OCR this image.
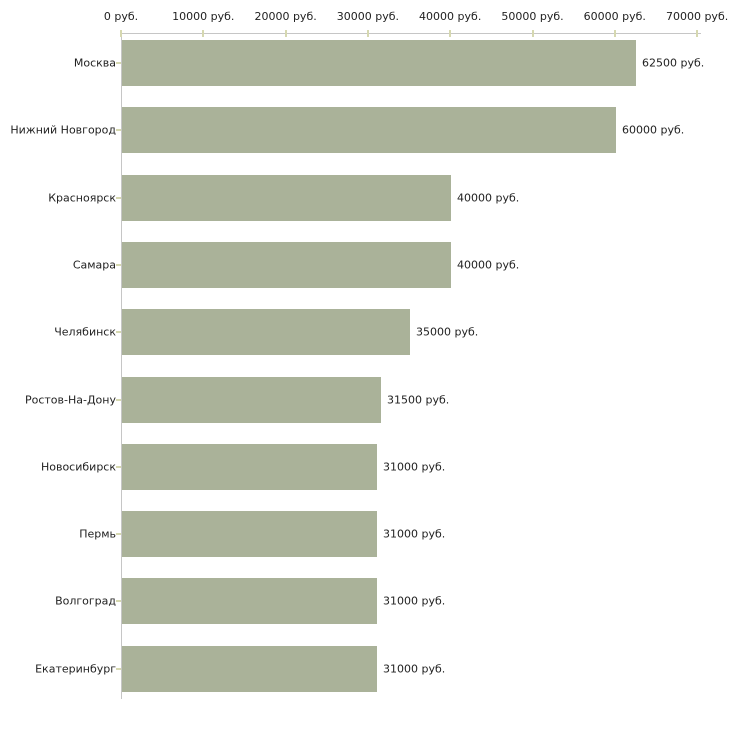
0 руб.	10000 руб. 20000 руб. 30000 руб. 40000 руб. 50000 руб. 60000 руб. 70000 руб.
Москва	62500 руб.
Нижний Новгород	60000 руб.
Красноярск	40000 руб.
Самара	40000 руб.
Челябинск	35000 руб.
Ростов-На-Дону	31500 руб.
Новосибирск	31000 руб.
Пермь	31000 руб.
Волгоград	31000 руб.
Екатеринбург	31000 руб.
